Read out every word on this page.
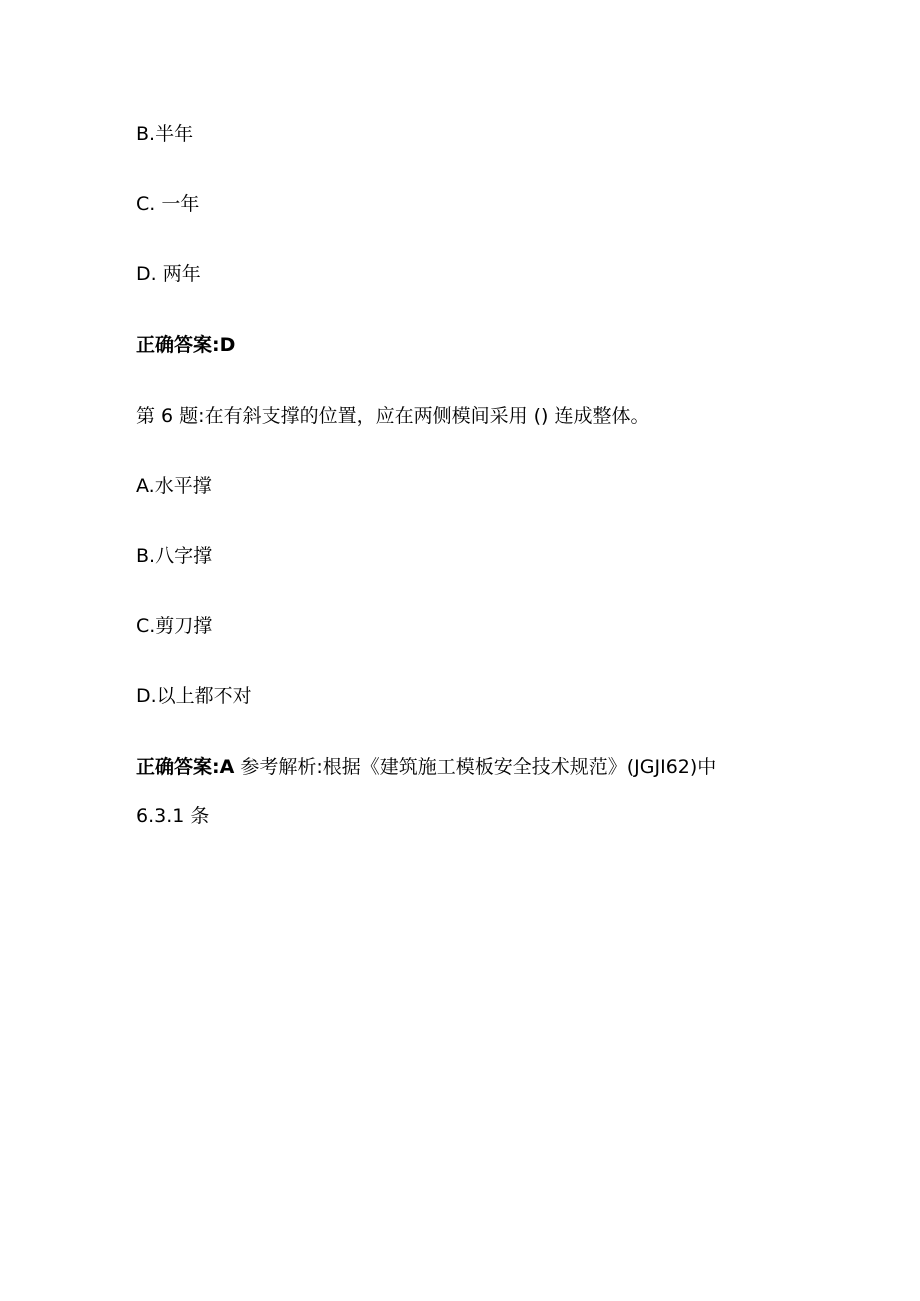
B.半年
C. 一年
D. 两年
正确答案:D
第 6 题:在有斜支撑的位置，应在两侧模间采用 () 连成整体。
A.水平撑
B.八字撑
C.剪刀撑
D.以上都不对
正确答案:A 参考解析:根据《建筑施工模板安全技术规范》(JGJI62)中
6.3.1 条
